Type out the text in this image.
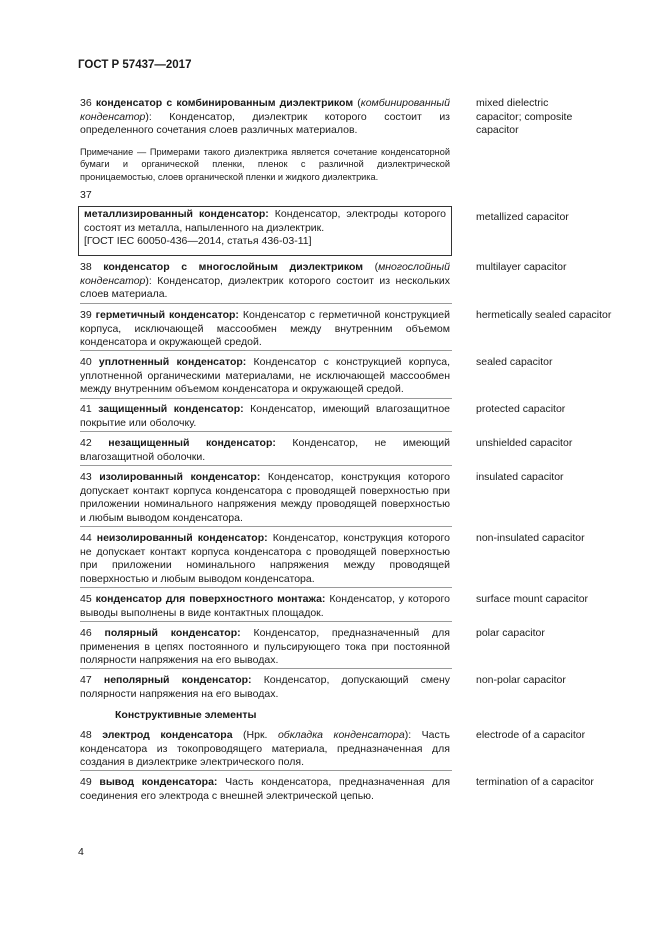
ГОСТ Р 57437—2017
36 конденсатор с комбинированным диэлектриком (комбинированный конденсатор): Конденсатор, диэлектрик которого состоит из определенного сочетания слоев различных материалов.
mixed dielectric capacitor; composite capacitor
Примечание — Примерами такого диэлектрика является сочетание конденсаторной бумаги и органической пленки, пленок с различной диэлектрической проницаемостью, слоев органической пленки и жидкого диэлектрика.
37
металлизированный конденсатор: Конденсатор, электроды которого состоят из металла, напыленного на диэлектрик.
[ГОСТ IEC 60050-436—2014, статья 436-03-11]
metallized capacitor
38 конденсатор с многослойным диэлектриком (многослойный конденсатор): Конденсатор, диэлектрик которого состоит из нескольких слоев материала.
multilayer capacitor
39 герметичный конденсатор: Конденсатор с герметичной конструкцией корпуса, исключающей массообмен между внутренним объемом конденсатора и окружающей средой.
hermetically sealed capacitor
40 уплотненный конденсатор: Конденсатор с конструкцией корпуса, уплотненной органическими материалами, не исключающей массообмен между внутренним объемом конденсатора и окружающей средой.
sealed capacitor
41 защищенный конденсатор: Конденсатор, имеющий влагозащитное покрытие или оболочку.
protected capacitor
42 незащищенный конденсатор: Конденсатор, не имеющий влагозащитной оболочки.
unshielded capacitor
43 изолированный конденсатор: Конденсатор, конструкция которого допускает контакт корпуса конденсатора с проводящей поверхностью при приложении номинального напряжения между проводящей поверхностью и любым выводом конденсатора.
insulated capacitor
44 неизолированный конденсатор: Конденсатор, конструкция которого не допускает контакт корпуса конденсатора с проводящей поверхностью при приложении номинального напряжения между проводящей поверхностью и любым выводом конденсатора.
non-insulated capacitor
45 конденсатор для поверхностного монтажа: Конденсатор, у которого выводы выполнены в виде контактных площадок.
surface mount capacitor
46 полярный конденсатор: Конденсатор, предназначенный для применения в цепях постоянного и пульсирующего тока при постоянной полярности напряжения на его выводах.
polar capacitor
47 неполярный конденсатор: Конденсатор, допускающий смену полярности напряжения на его выводах.
non-polar capacitor
Конструктивные элементы
48 электрод конденсатора (Нрк. обкладка конденсатора): Часть конденсатора из токопроводящего материала, предназначенная для создания в диэлектрике электрического поля.
electrode of a capacitor
49 вывод конденсатора: Часть конденсатора, предназначенная для соединения его электрода с внешней электрической цепью.
termination of a capacitor
4
